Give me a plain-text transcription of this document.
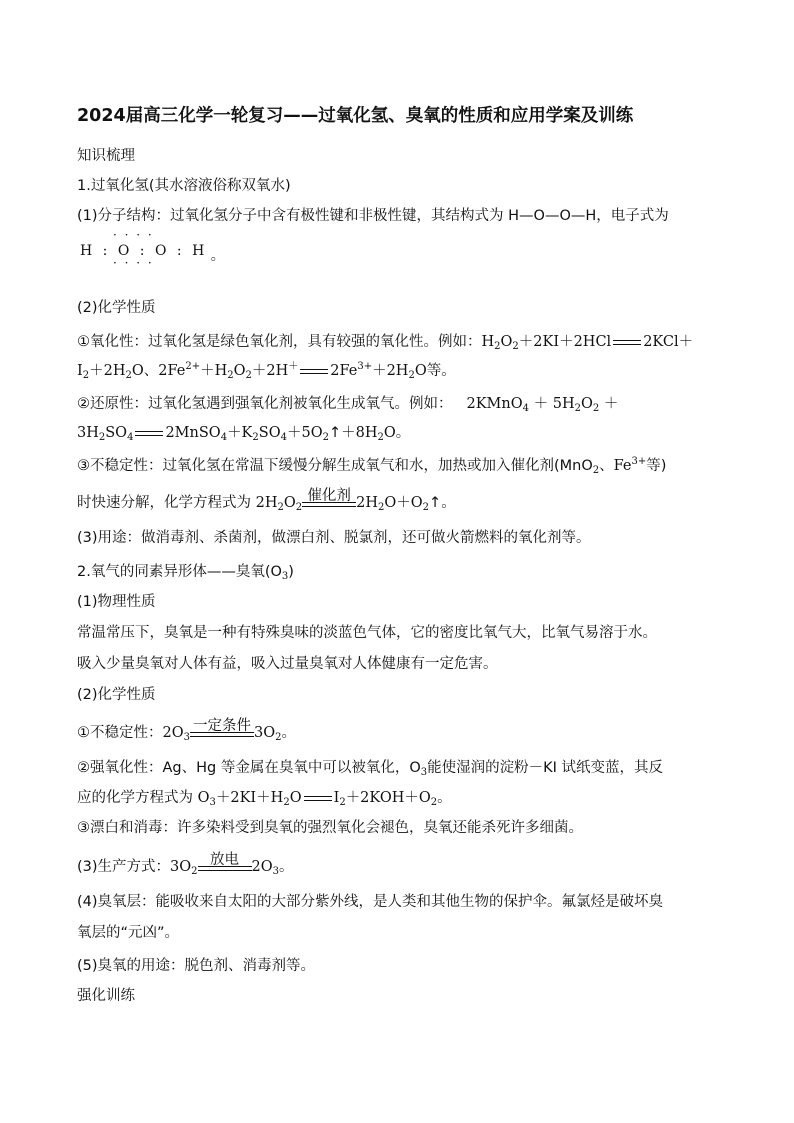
2024届高三化学一轮复习——过氧化氢、臭氧的性质和应用学案及训练
知识梳理
1.过氧化氢(其水溶液俗称双氧水)
(1)分子结构：过氧化氢分子中含有极性键和非极性键，其结构式为 H—O—O—H，电子式为
· · · ·
H : O : O : H 。
· · · ·
(2)化学性质
①氧化性：过氧化氢是绿色氧化剂，具有较强的氧化性。例如：$H_2O_2+2KI+2HCl$ 2KCl＋
$I_2+2H_2O$、$2Fe^{2+}+H_2O_2+2H^+$ $2Fe^{3+}+2H_2O$等。
②还原性：过氧化氢遇到强氧化剂被氧化生成氧气。例如： 2KMnO$_4$ ＋ $5H_2O_2$ ＋
$3H_2SO_4$ $2MnSO_4+K_2SO_4+5O_2↑+8H_2O$。
③不稳定性：过氧化氢在常温下缓慢分解生成氧气和水，加热或加入催化剂(MnO$_2$、$Fe^{3+}$等)
时快速分解，化学方程式为 $2H_2O_2$
催化剂 $2H_2O+O_2↑$。
(3)用途：做消毒剂、杀菌剂，做漂白剂、脱氯剂，还可做火箭燃料的氧化剂等。
2.氧气的同素异形体——臭氧$(O_3)$
(1)物理性质
常温常压下，臭氧是一种有特殊臭味的淡蓝色气体，它的密度比氧气大，比氧气易溶于水。
吸入少量臭氧对人体有益，吸入过量臭氧对人体健康有一定危害。
(2)化学性质
①不稳定性：$2O_3$
一定条件 $3O_2$。
②强氧化性：Ag、Hg 等金属在臭氧中可以被氧化，$O_3$能使湿润的淀粉－KI 试纸变蓝，其反
应的化学方程式为 $O_3+2KI+H_2O$ $I_2+2KOH+O_2$。
③漂白和消毒：许多染料受到臭氧的强烈氧化会褪色，臭氧还能杀死许多细菌。
(3)生产方式：$3O_2$
放电 $2O_3$。
(4)臭氧层：能吸收来自太阳的大部分紫外线，是人类和其他生物的保护伞。氟氯烃是破坏臭
氧层的“元凶”。
(5)臭氧的用途：脱色剂、消毒剂等。
强化训练
